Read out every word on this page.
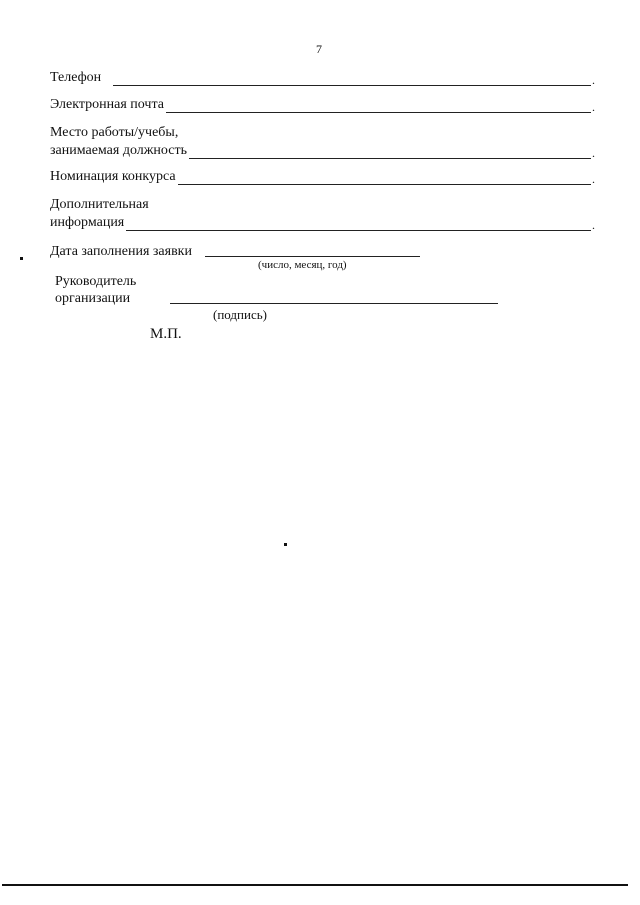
7
Телефон	.
Электронная почта	.
Место работы/учебы,
занимаемая должность	.
Номинация конкурса	.
Дополнительная
информация	.
Дата заполнения заявки
(число, месяц, год)
Руководитель
организации
(подпись)
М.П.
